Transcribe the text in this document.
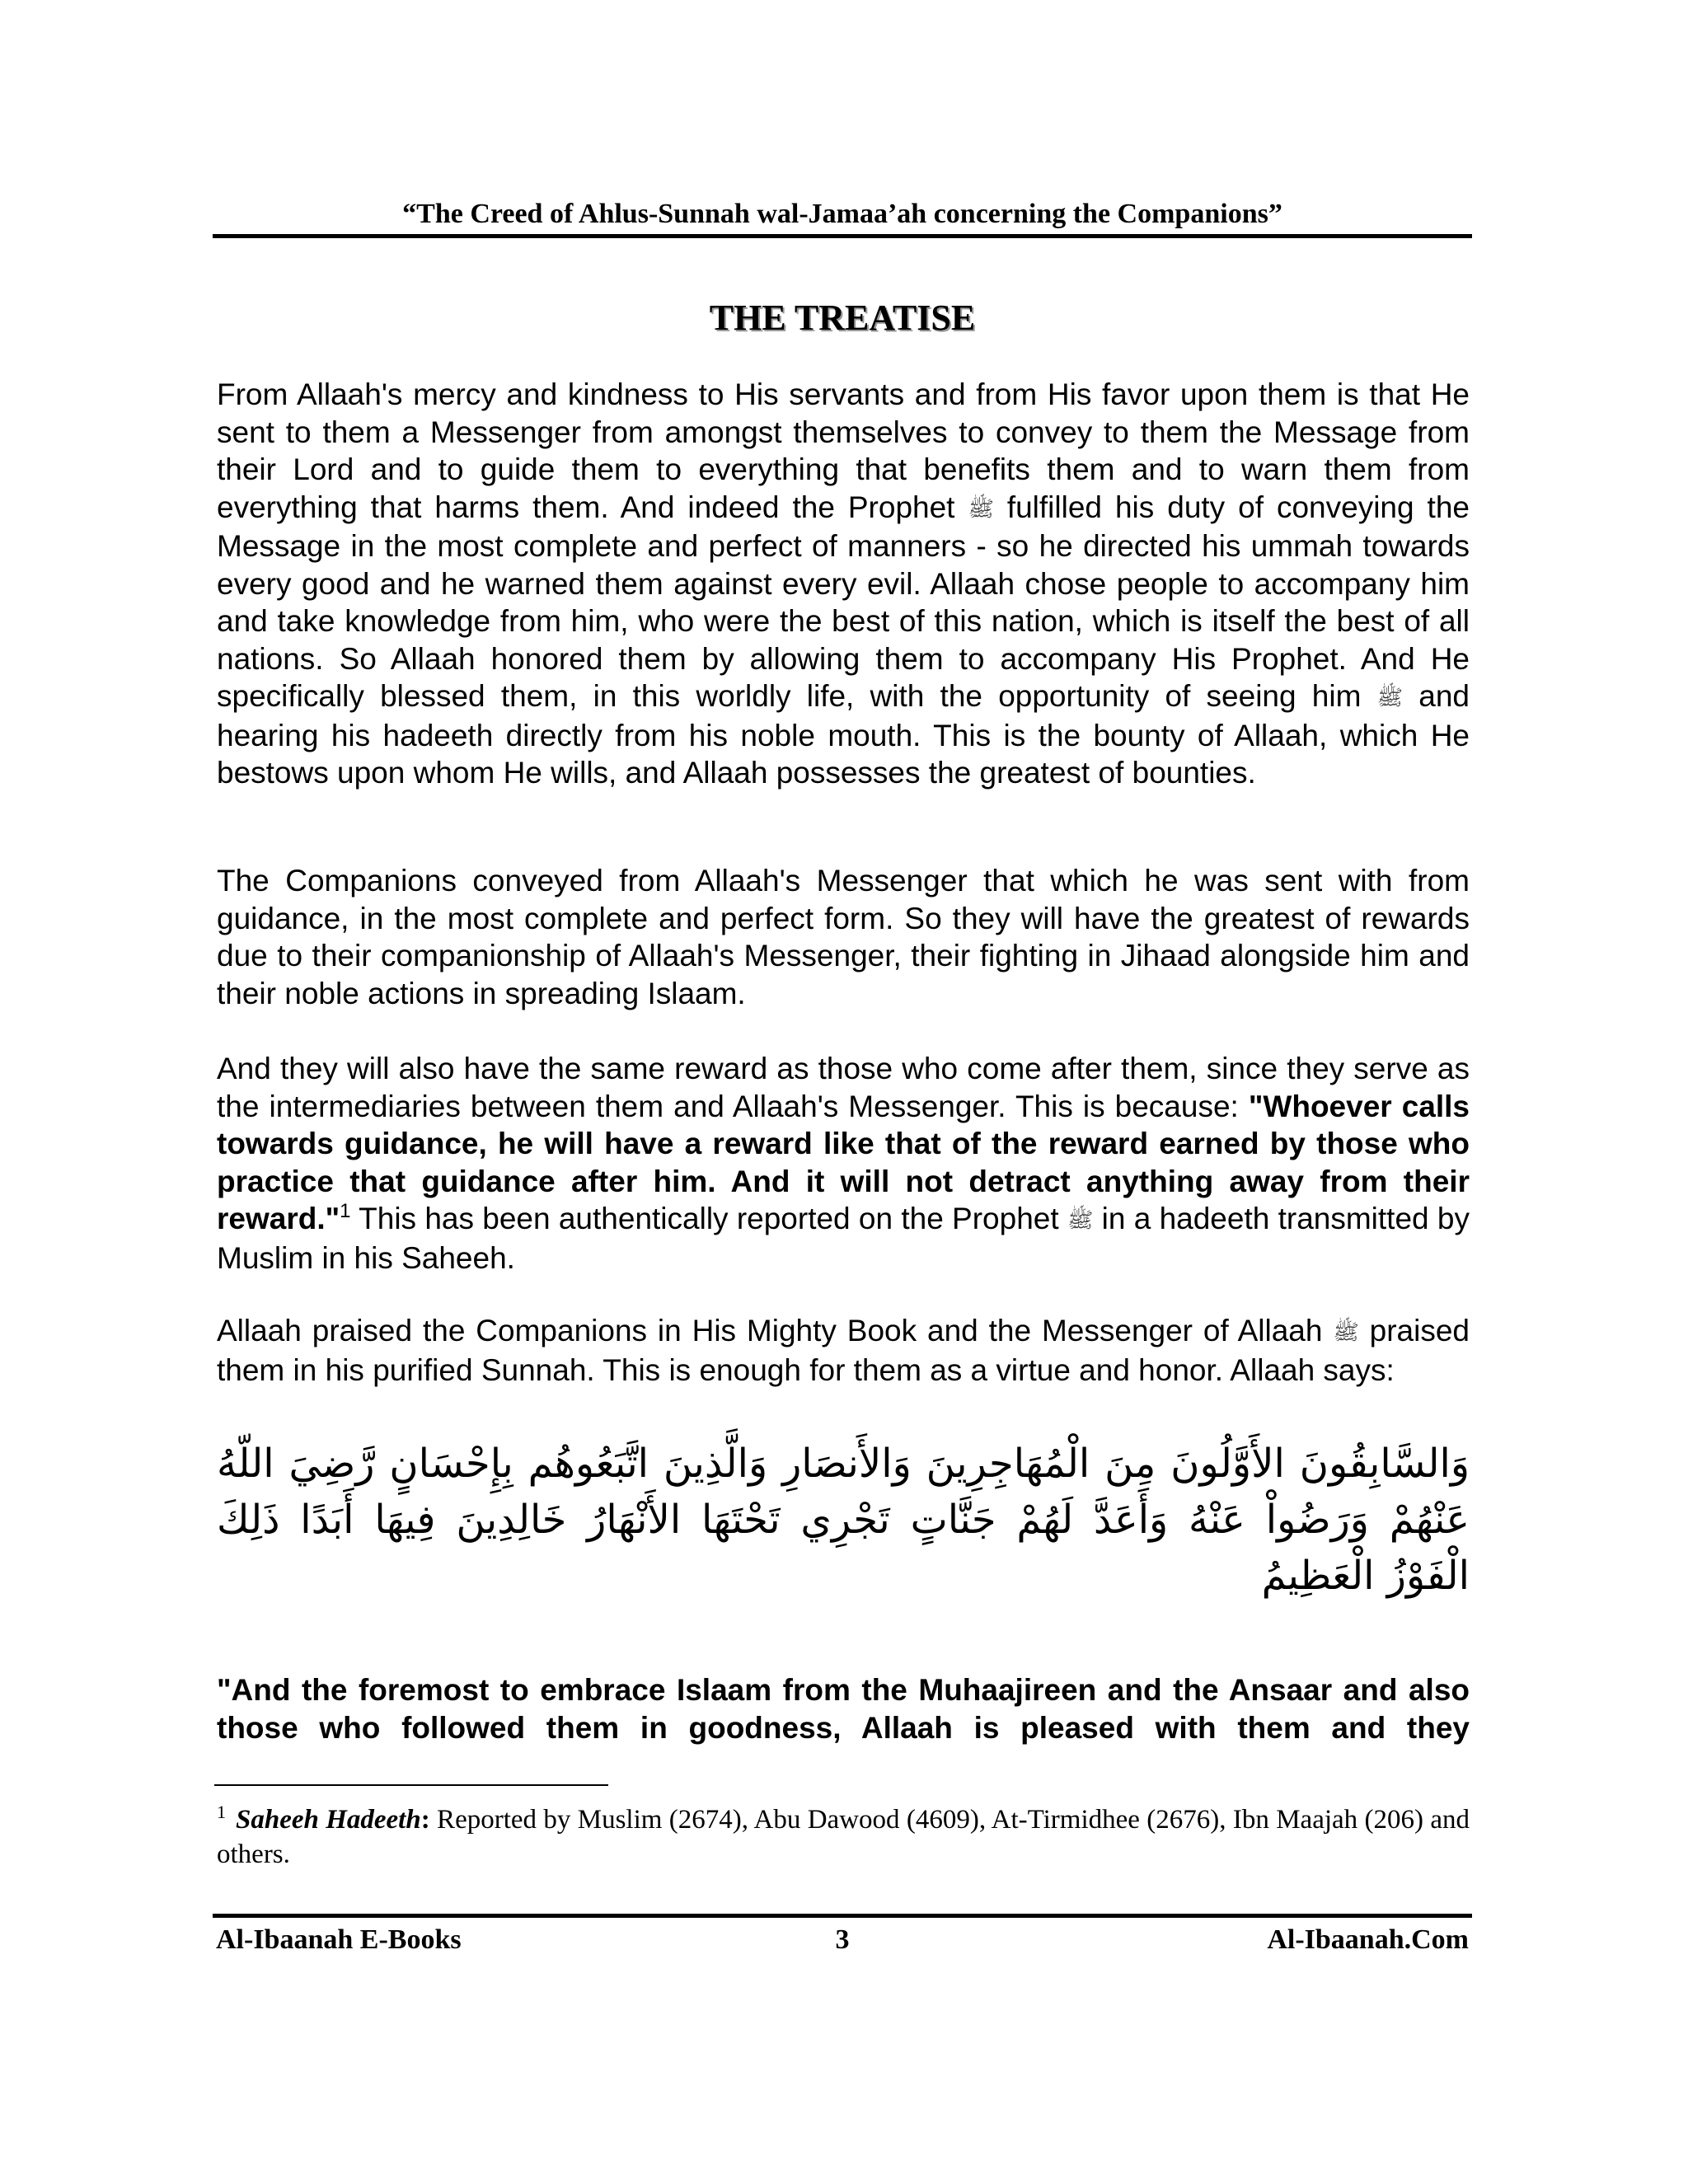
“The Creed of Ahlus-Sunnah wal-Jamaa’ah concerning the Companions”
THE TREATISE
From Allaah's mercy and kindness to His servants and from His favor upon them is that He sent to them a Messenger from amongst themselves to convey to them the Message from their Lord and to guide them to everything that benefits them and to warn them from everything that harms them. And indeed the Prophet ﷺ fulfilled his duty of conveying the Message in the most complete and perfect of manners - so he directed his ummah towards every good and he warned them against every evil. Allaah chose people to accompany him and take knowledge from him, who were the best of this nation, which is itself the best of all nations. So Allaah honored them by allowing them to accompany His Prophet. And He specifically blessed them, in this worldly life, with the opportunity of seeing him ﷺ and hearing his hadeeth directly from his noble mouth. This is the bounty of Allaah, which He bestows upon whom He wills, and Allaah possesses the greatest of bounties.
The Companions conveyed from Allaah's Messenger that which he was sent with from guidance, in the most complete and perfect form. So they will have the greatest of rewards due to their companionship of Allaah's Messenger, their fighting in Jihaad alongside him and their noble actions in spreading Islaam.
And they will also have the same reward as those who come after them, since they serve as the intermediaries between them and Allaah's Messenger. This is because: "Whoever calls towards guidance, he will have a reward like that of the reward earned by those who practice that guidance after him. And it will not detract anything away from their reward."$^1$ This has been authentically reported on the Prophet ﷺ in a hadeeth transmitted by Muslim in his Saheeh.
Allaah praised the Companions in His Mighty Book and the Messenger of Allaah ﷺ praised them in his purified Sunnah. This is enough for them as a virtue and honor. Allaah says:
وَالسَّابِقُونَ الأَوَّلُونَ مِنَ الْمُهَاجِرِينَ وَالأَنصَارِ وَالَّذِينَ اتَّبَعُوهُم بِإِحْسَانٍ رَّضِيَ اللّهُ عَنْهُمْ وَرَضُواْ عَنْهُ وَأَعَدَّ لَهُمْ جَنَّاتٍ تَجْرِي تَحْتَهَا الأَنْهَارُ خَالِدِينَ فِيهَا أَبَدًا ذَلِكَ الْفَوْزُ الْعَظِيمُ
"And the foremost to embrace Islaam from the Muhaajireen and the Ansaar and also those who followed them in goodness, Allaah is pleased with them and they
$^1$ Saheeh Hadeeth: Reported by Muslim (2674), Abu Dawood (4609), At-Tirmidhee (2676), Ibn Maajah (206) and others.
Al-Ibaanah E-Books	3	Al-Ibaanah.Com
